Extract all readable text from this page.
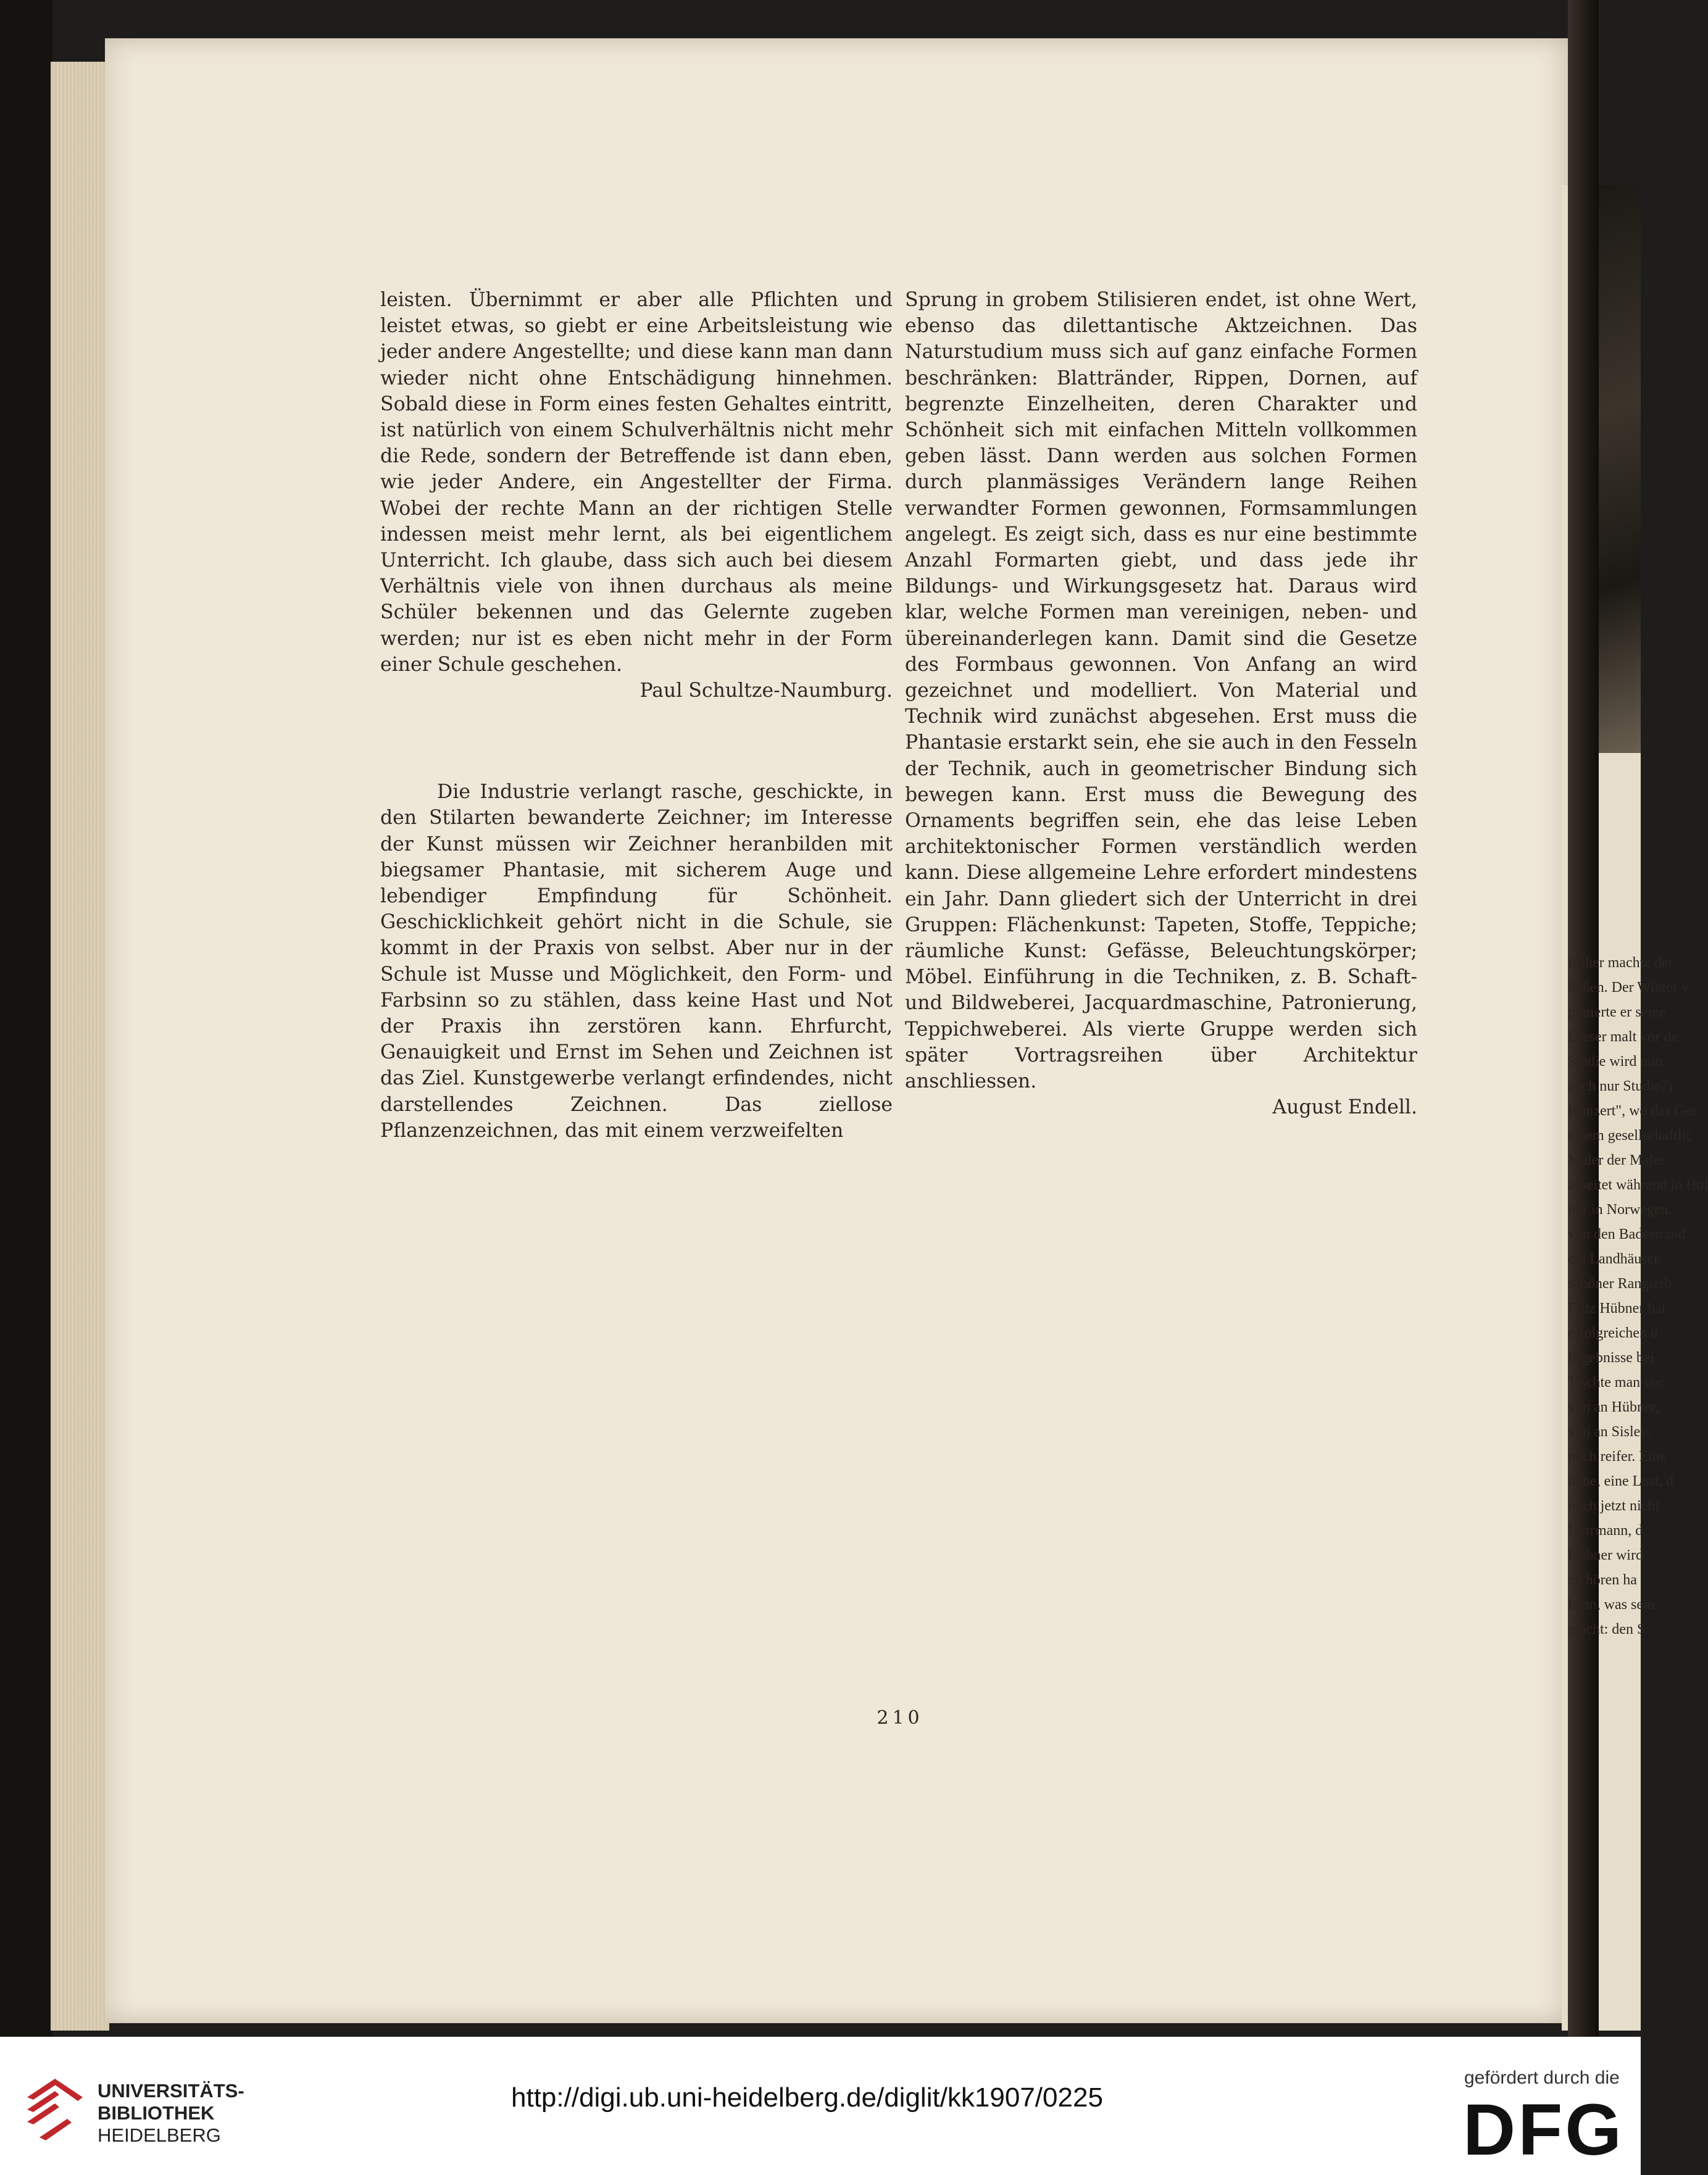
früher machte der
ließen. Der Winter v
ponierte er seine
Dieser malt vor de
Studie wird nun
auch nur Studie?)
Konzert", wo das Ges
einem gesellschaftlic
Maler der Maler
arbeitet während in Hol
nur in Norwegen.
von den Badestrand
die Landhäuser.
schöner Rangierb
Fritz Hübner hat
erfolgreichen u
Ergebnisse bei
Tischte man vor
von an Hübner;
von an Sisley.
noch reifer. Eine
liebe, eine Lust, d
noch jetzt nicht
Herrmann, d
Hübner wird
zu hören ha
kann, was sein
macht: den S

leisten. Übernimmt er aber alle Pflichten und leistet etwas, so giebt er eine Arbeitsleistung wie jeder andere Angestellte; und diese kann man dann wieder nicht ohne Entschädigung hinnehmen. Sobald diese in Form eines festen Gehaltes eintritt, ist natürlich von einem Schulverhältnis nicht mehr die Rede, sondern der Betreffende ist dann eben, wie jeder Andere, ein Angestellter der Firma. Wobei der rechte Mann an der richtigen Stelle indessen meist mehr lernt, als bei eigentlichem Unterricht. Ich glaube, dass sich auch bei diesem Verhältnis viele von ihnen durchaus als meine Schüler bekennen und das Gelernte zugeben werden; nur ist es eben nicht mehr in der Form einer Schule geschehen.

Paul Schultze-Naumburg.

Die Industrie verlangt rasche, geschickte, in den Stilarten bewanderte Zeichner; im Interesse der Kunst müssen wir Zeichner heranbilden mit biegsamer Phantasie, mit sicherem Auge und lebendiger Empfindung für Schönheit. Geschicklichkeit gehört nicht in die Schule, sie kommt in der Praxis von selbst. Aber nur in der Schule ist Musse und Möglichkeit, den Form- und Farbsinn so zu stählen, dass keine Hast und Not der Praxis ihn zerstören kann. Ehrfurcht, Genauigkeit und Ernst im Sehen und Zeichnen ist das Ziel. Kunstgewerbe verlangt erfindendes, nicht darstellendes Zeichnen. Das ziellose Pflanzenzeichnen, das mit einem verzweifelten

Sprung in grobem Stilisieren endet, ist ohne Wert, ebenso das dilettantische Aktzeichnen. Das Naturstudium muss sich auf ganz einfache Formen beschränken: Blattränder, Rippen, Dornen, auf begrenzte Einzelheiten, deren Charakter und Schönheit sich mit einfachen Mitteln vollkommen geben lässt. Dann werden aus solchen Formen durch planmässiges Verändern lange Reihen verwandter Formen gewonnen, Formsammlungen angelegt. Es zeigt sich, dass es nur eine bestimmte Anzahl Formarten giebt, und dass jede ihr Bildungs- und Wirkungsgesetz hat. Daraus wird klar, welche Formen man vereinigen, neben- und übereinanderlegen kann. Damit sind die Gesetze des Formbaus gewonnen. Von Anfang an wird gezeichnet und modelliert. Von Material und Technik wird zunächst abgesehen. Erst muss die Phantasie erstarkt sein, ehe sie auch in den Fesseln der Technik, auch in geometrischer Bindung sich bewegen kann. Erst muss die Bewegung des Ornaments begriffen sein, ehe das leise Leben architektonischer Formen verständlich werden kann. Diese allgemeine Lehre erfordert mindestens ein Jahr. Dann gliedert sich der Unterricht in drei Gruppen: Flächenkunst: Tapeten, Stoffe, Teppiche; räumliche Kunst: Gefässe, Beleuchtungskörper; Möbel. Einführung in die Techniken, z. B. Schaft- und Bildweberei, Jacquardmaschine, Patronierung, Teppichweberei. Als vierte Gruppe werden sich später Vortragsreihen über Architektur anschliessen.

August Endell.

210
UNIVERSITÄTS-
BIBLIOTHEK
HEIDELBERG
http://digi.ub.uni-heidelberg.de/diglit/kk1907/0225
gefördert durch die
DFG
